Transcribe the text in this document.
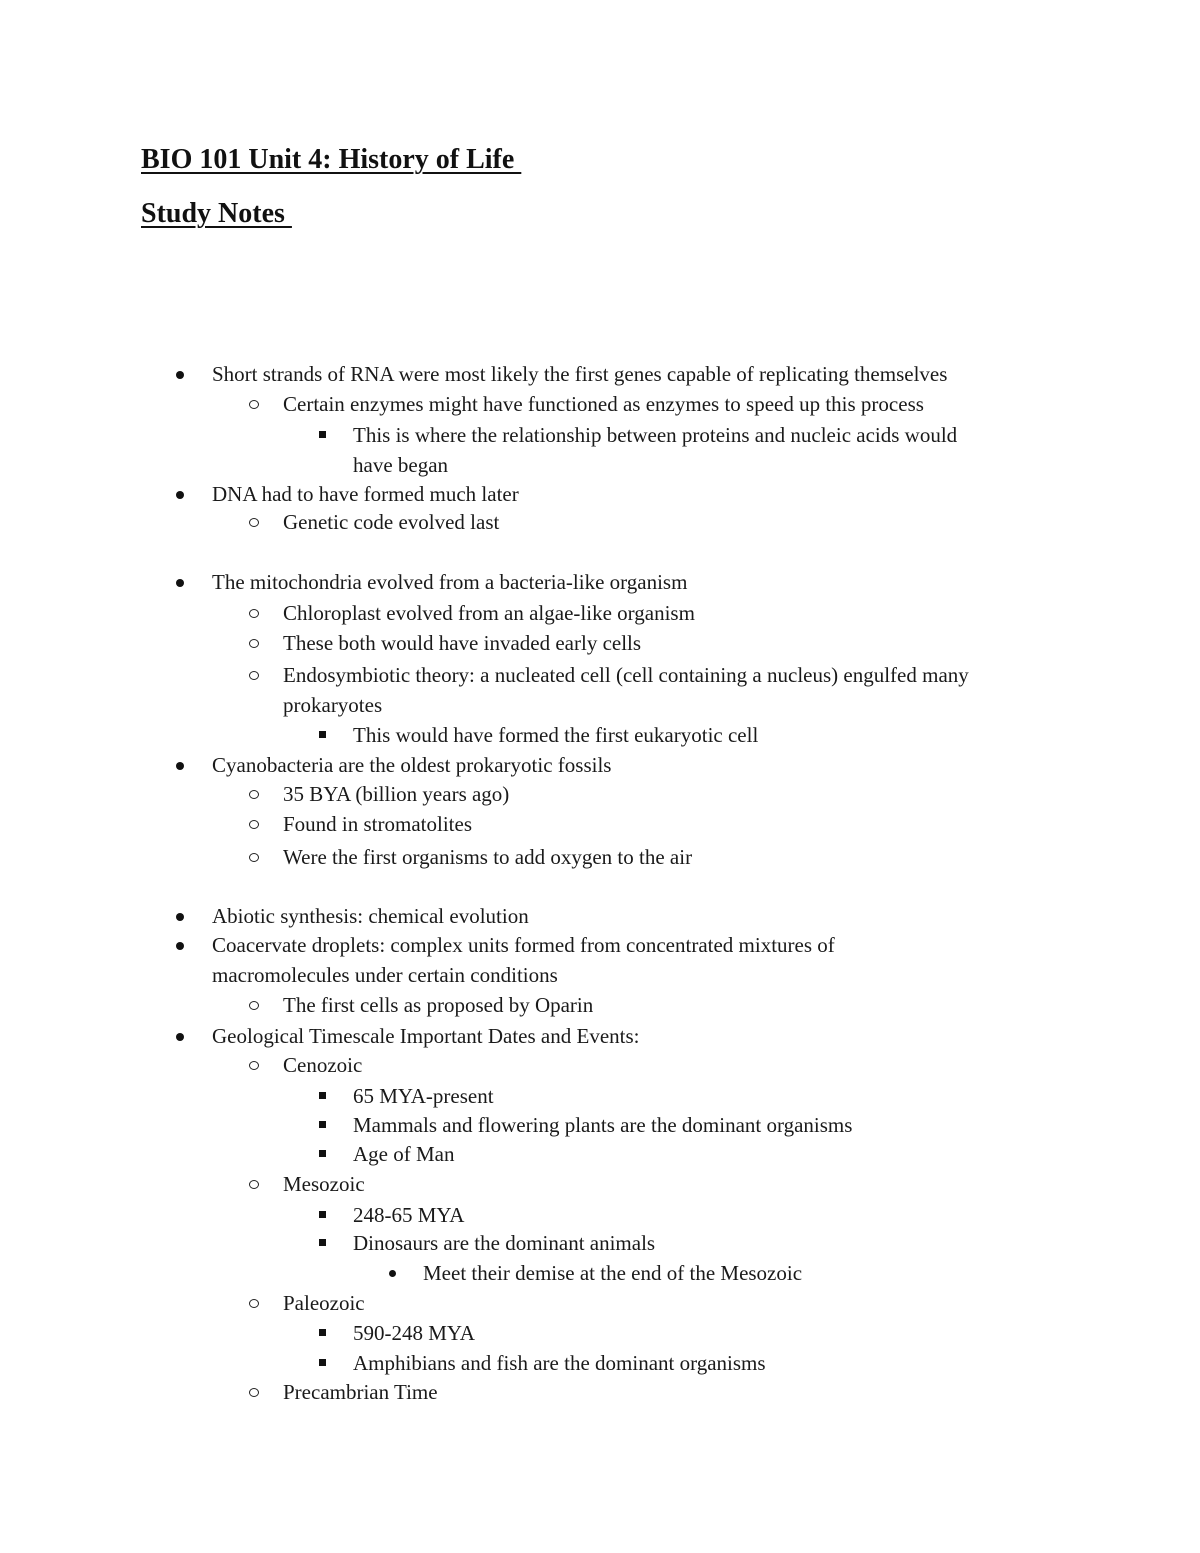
BIO 101 Unit 4: History of Life
Study Notes
Short strands of RNA were most likely the first genes capable of replicating themselves
Certain enzymes might have functioned as enzymes to speed up this process
This is where the relationship between proteins and nucleic acids would
have began
DNA had to have formed much later
Genetic code evolved last
The mitochondria evolved from a bacteria-like organism
Chloroplast evolved from an algae-like organism
These both would have invaded early cells
Endosymbiotic theory: a nucleated cell (cell containing a nucleus) engulfed many
prokaryotes
This would have formed the first eukaryotic cell
Cyanobacteria are the oldest prokaryotic fossils
35 BYA (billion years ago)
Found in stromatolites
Were the first organisms to add oxygen to the air
Abiotic synthesis: chemical evolution
Coacervate droplets: complex units formed from concentrated mixtures of
macromolecules under certain conditions
The first cells as proposed by Oparin
Geological Timescale Important Dates and Events:
Cenozoic
65 MYA-present
Mammals and flowering plants are the dominant organisms
Age of Man
Mesozoic
248-65 MYA
Dinosaurs are the dominant animals
Meet their demise at the end of the Mesozoic
Paleozoic
590-248 MYA
Amphibians and fish are the dominant organisms
Precambrian Time
